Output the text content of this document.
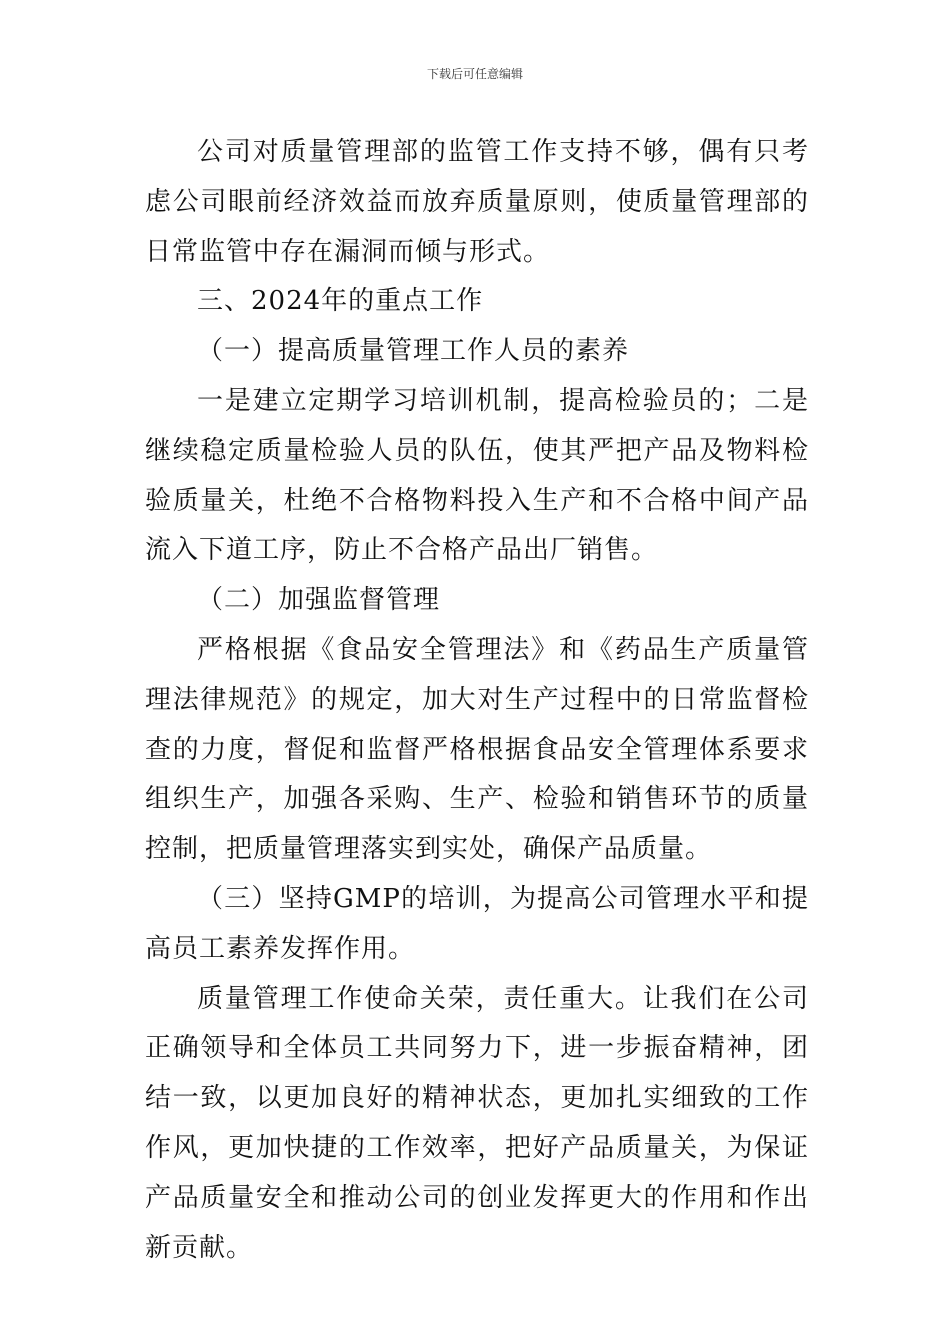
下载后可任意编辑

公司对质量管理部的监管工作支持不够，偶有只考虑公司眼前经济效益而放弃质量原则，使质量管理部的日常监管中存在漏洞而倾与形式。

三、2024年的重点工作

（一）提高质量管理工作人员的素养

一是建立定期学习培训机制，提高检验员的；二是继续稳定质量检验人员的队伍，使其严把产品及物料检验质量关，杜绝不合格物料投入生产和不合格中间产品流入下道工序，防止不合格产品出厂销售。

（二）加强监督管理

严格根据《食品安全管理法》和《药品生产质量管理法律规范》的规定，加大对生产过程中的日常监督检查的力度，督促和监督严格根据食品安全管理体系要求组织生产，加强各采购、生产、检验和销售环节的质量控制，把质量管理落实到实处，确保产品质量。

（三）坚持GMP的培训，为提高公司管理水平和提高员工素养发挥作用。

质量管理工作使命关荣，责任重大。让我们在公司正确领导和全体员工共同努力下，进一步振奋精神，团结一致，以更加良好的精神状态，更加扎实细致的工作作风，更加快捷的工作效率，把好产品质量关，为保证产品质量安全和推动公司的创业发挥更大的作用和作出新贡献。
